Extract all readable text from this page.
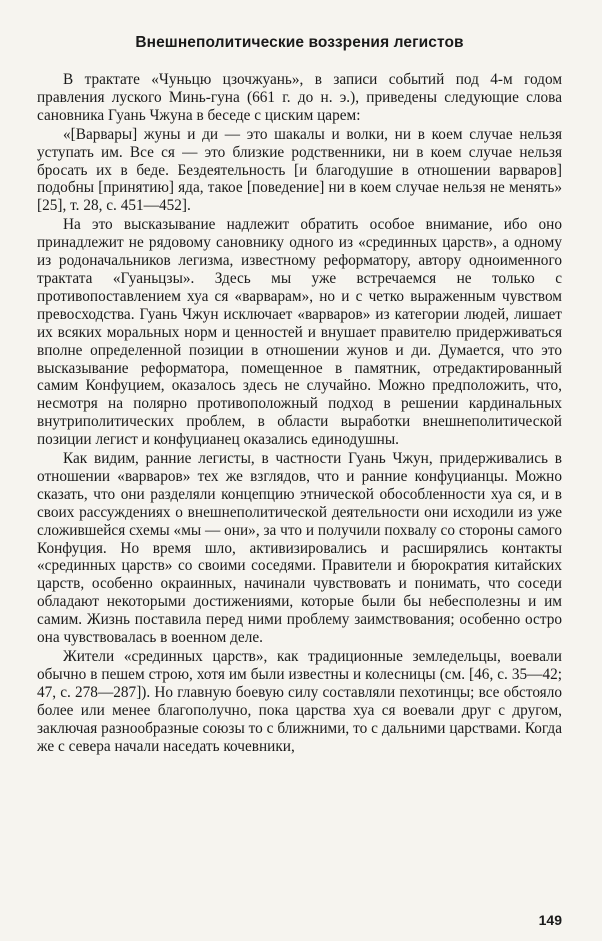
Внешнеполитические воззрения легистов

В трактате «Чуньцю цзочжуань», в записи событий под 4-м годом правления луского Минь-гуна (661 г. до н. э.), приведены следующие слова сановника Гуань Чжуна в беседе с циским царем:

«[Варвары] жуны и ди — это шакалы и волки, ни в коем случае нельзя уступать им. Все ся — это близкие родственники, ни в коем случае нельзя бросать их в беде. Бездеятельность [и благодушие в отношении варваров] подобны [принятию] яда, такое [поведение] ни в коем случае нельзя не менять» [25], т. 28, с. 451—452].

На это высказывание надлежит обратить особое внимание, ибо оно принадлежит не рядовому сановнику одного из «срединных царств», а одному из родоначальников легизма, известному реформатору, автору одноименного трактата «Гуаньцзы». Здесь мы уже встречаемся не только с противопоставлением хуа ся «варварам», но и с четко выраженным чувством превосходства. Гуань Чжун исключает «варваров» из категории людей, лишает их всяких моральных норм и ценностей и внушает правителю придерживаться вполне определенной позиции в отношении жунов и ди. Думается, что это высказывание реформатора, помещенное в памятник, отредактированный самим Конфуцием, оказалось здесь не случайно. Можно предположить, что, несмотря на полярно противоположный подход в решении кардинальных внутриполитических проблем, в области выработки внешнеполитической позиции легист и конфуцианец оказались единодушны.

Как видим, ранние легисты, в частности Гуань Чжун, придерживались в отношении «варваров» тех же взглядов, что и ранние конфуцианцы. Можно сказать, что они разделяли концепцию этнической обособленности хуа ся, и в своих рассуждениях о внешнеполитической деятельности они исходили из уже сложившейся схемы «мы — они», за что и получили похвалу со стороны самого Конфуция. Но время шло, активизировались и расширялись контакты «срединных царств» со своими соседями. Правители и бюрократия китайских царств, особенно окраинных, начинали чувствовать и понимать, что соседи обладают некоторыми достижениями, которые были бы небесполезны и им самим. Жизнь поставила перед ними проблему заимствования; особенно остро она чувствовалась в военном деле.

Жители «срединных царств», как традиционные земледельцы, воевали обычно в пешем строю, хотя им были известны и колесницы (см. [46, с. 35—42; 47, с. 278—287]). Но главную боевую силу составляли пехотинцы; все обстояло более или менее благополучно, пока царства хуа ся воевали друг с другом, заключая разнообразные союзы то с ближними, то с дальними царствами. Когда же с севера начали наседать кочевники,

149
